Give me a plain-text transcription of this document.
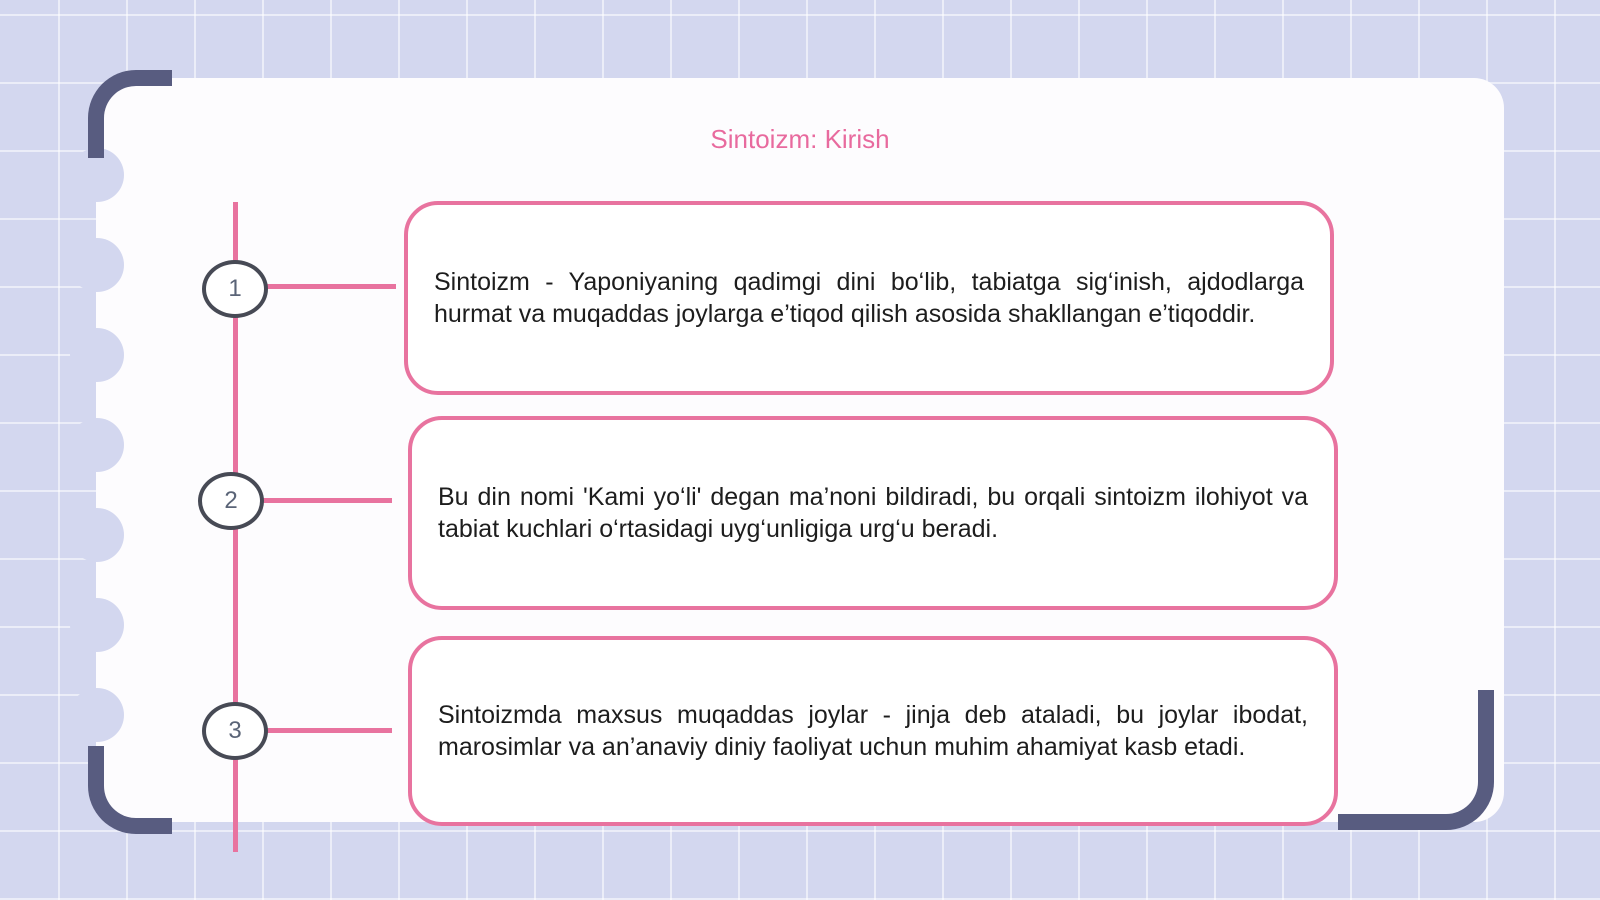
Sintoizm: Kirish
1
2
3

Sintoizm - Yaponiyaning qadimgi dini bo‘lib, tabiatga sig‘inish, ajdodlarga hurmat va muqaddas joylarga e’tiqod qilish asosida shakllangan e’tiqoddir.

Bu din nomi 'Kami yo‘li' degan ma’noni bildiradi, bu orqali sintoizm ilohiyot va tabiat kuchlari o‘rtasidagi uyg‘unligiga urg‘u beradi.

Sintoizmda maxsus muqaddas joylar - jinja deb ataladi, bu joylar ibodat, marosimlar va an’anaviy diniy faoliyat uchun muhim ahamiyat kasb etadi.
